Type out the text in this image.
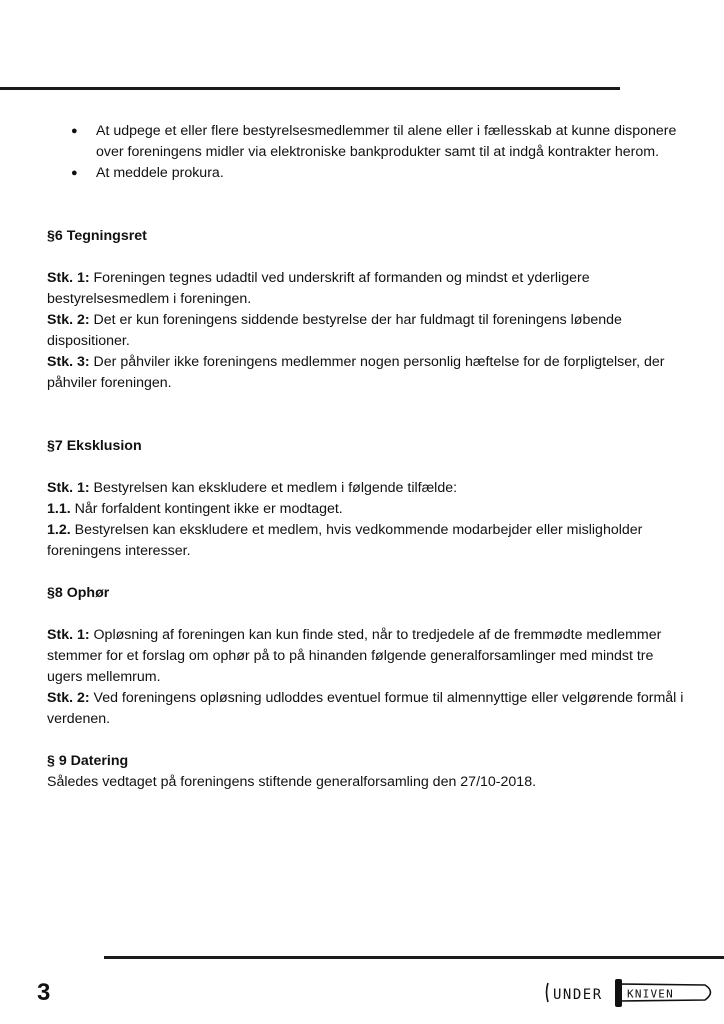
● At udpege et eller flere bestyrelsesmedlemmer til alene eller i fællesskab at kunne disponere over foreningens midler via elektroniske bankprodukter samt til at indgå kontrakter herom.
● At meddele prokura.
§6 Tegningsret

Stk. 1: Foreningen tegnes udadtil ved underskrift af formanden og mindst et yderligere bestyrelsesmedlem i foreningen.

Stk. 2: Det er kun foreningens siddende bestyrelse der har fuldmagt til foreningens løbende dispositioner.

Stk. 3: Der påhviler ikke foreningens medlemmer nogen personlig hæftelse for de forpligtelser, der påhviler foreningen.

§7 Eksklusion

Stk. 1: Bestyrelsen kan ekskludere et medlem i følgende tilfælde:

1.1. Når forfaldent kontingent ikke er modtaget.

1.2. Bestyrelsen kan ekskludere et medlem, hvis vedkommende modarbejder eller misligholder foreningens interesser.

§8 Ophør

Stk. 1: Opløsning af foreningen kan kun finde sted, når to tredjedele af de fremmødte medlemmer stemmer for et forslag om ophør på to på hinanden følgende generalforsamlinger med mindst tre ugers mellemrum.

Stk. 2: Ved foreningens opløsning udloddes eventuel formue til almennyttige eller velgørende formål i verdenen.

§ 9 Datering

Således vedtaget på foreningens stiftende generalforsamling den 27/10-2018.

3	UNDER KNIVEN
